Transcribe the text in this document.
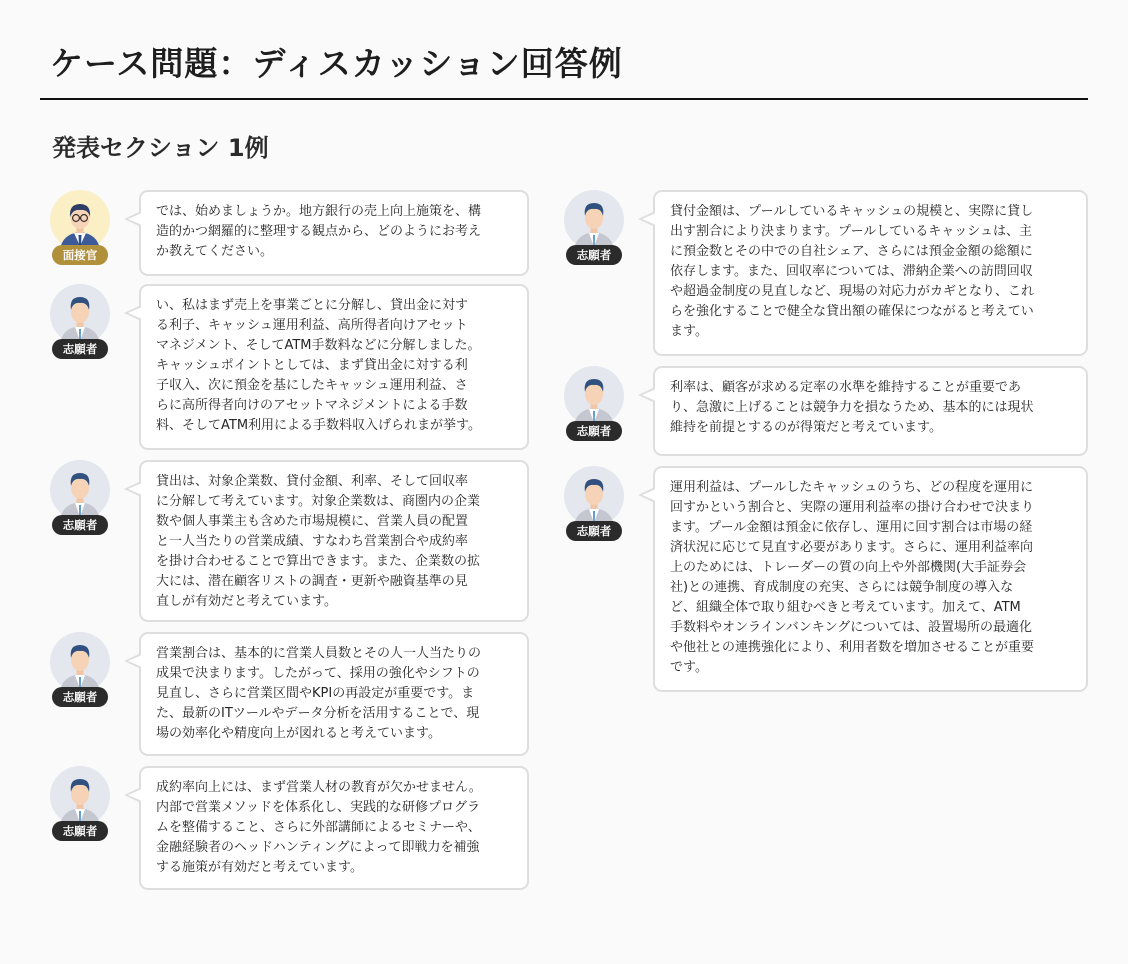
ケース問題：ディスカッション回答例
発表セクション 1例
面接官

では、始めましょうか。地方銀行の売上向上施策を、構

造的かつ網羅的に整理する観点から、どのようにお考え

か教えてください。

志願者

い、私はまず売上を事業ごとに分解し、貸出金に対す

る利子、キャッシュ運用利益、高所得者向けアセット

マネジメント、そしてATM手数料などに分解しました。

キャッシュポイントとしては、まず貸出金に対する利

子収入、次に預金を基にしたキャッシュ運用利益、さ

らに高所得者向けのアセットマネジメントによる手数

料、そしてATM利用による手数料収入げられまが挙す。

志願者

貸出は、対象企業数、貸付金額、利率、そして回収率

に分解して考えています。対象企業数は、商圏内の企業

数や個人事業主も含めた市場規模に、営業人員の配置

と一人当たりの営業成績、すなわち営業割合や成約率

を掛け合わせることで算出できます。また、企業数の拡

大には、潜在顧客リストの調査・更新や融資基準の見

直しが有効だと考えています。

志願者

営業割合は、基本的に営業人員数とその人一人当たりの

成果で決まります。したがって、採用の強化やシフトの

見直し、さらに営業区間やKPIの再設定が重要です。ま

た、最新のITツールやデータ分析を活用することで、現

場の効率化や精度向上が図れると考えています。

志願者

成約率向上には、まず営業人材の教育が欠かせません。

内部で営業メソッドを体系化し、実践的な研修プログラ

ムを整備すること、さらに外部講師によるセミナーや、

金融経験者のヘッドハンティングによって即戦力を補強

する施策が有効だと考えています。

志願者

貸付金額は、プールしているキャッシュの規模と、実際に貸し

出す割合により決まります。プールしているキャッシュは、主

に預金数とその中での自社シェア、さらには預金金額の総額に

依存します。また、回収率については、滞納企業への訪問回収

や超過金制度の見直しなど、現場の対応力がカギとなり、これ

らを強化することで健全な貸出額の確保につながると考えてい

ます。

志願者

利率は、顧客が求める定率の水準を維持することが重要であ

り、急激に上げることは競争力を損なうため、基本的には現状

維持を前提とするのが得策だと考えています。

志願者

運用利益は、プールしたキャッシュのうち、どの程度を運用に

回すかという割合と、実際の運用利益率の掛け合わせで決まり

ます。プール金額は預金に依存し、運用に回す割合は市場の経

済状況に応じて見直す必要があります。さらに、運用利益率向

上のためには、トレーダーの質の向上や外部機関(大手証券会

社)との連携、育成制度の充実、さらには競争制度の導入な

ど、組織全体で取り組むべきと考えています。加えて、ATM

手数料やオンラインバンキングについては、設置場所の最適化

や他社との連携強化により、利用者数を増加させることが重要

です。
